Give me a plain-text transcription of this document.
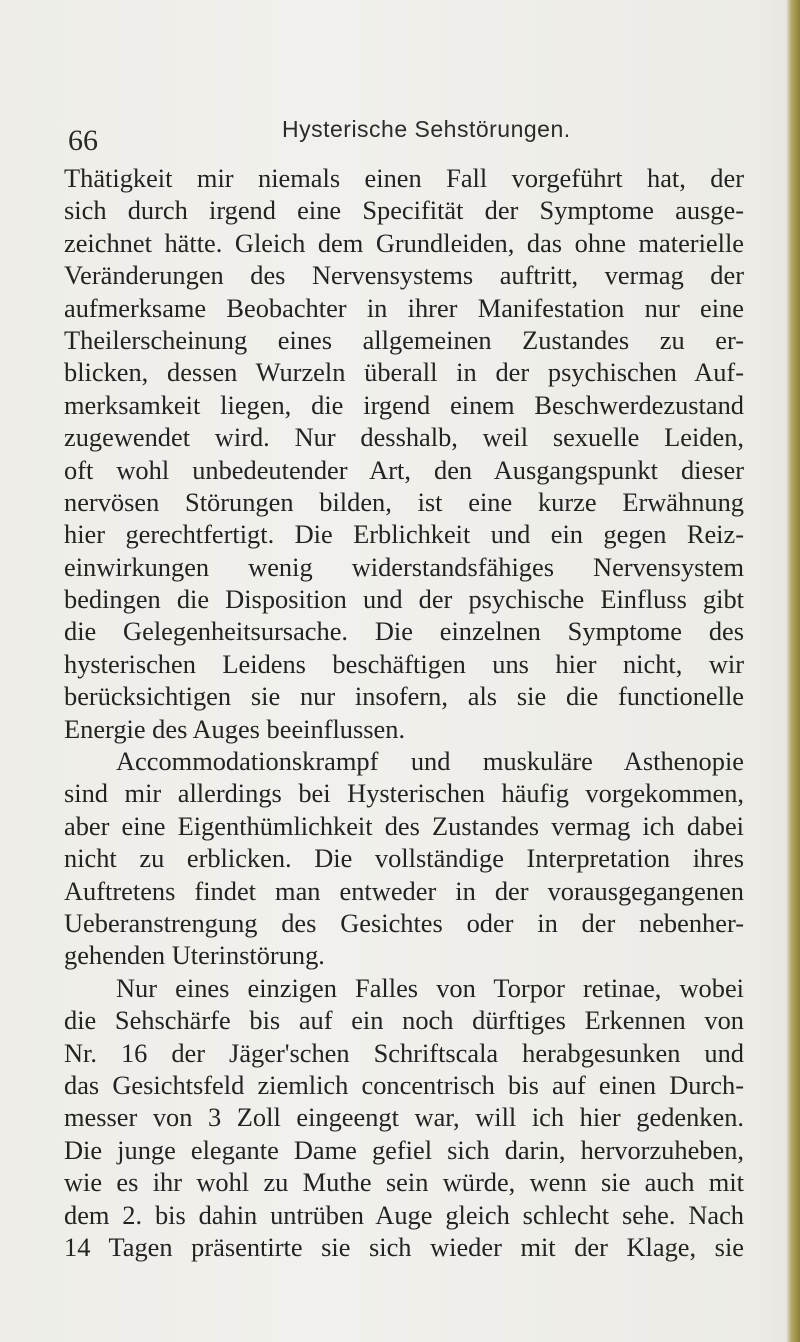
66	Hysterische Sehstörungen.
Thätigkeit mir niemals einen Fall vorgeführt hat, der
sich durch irgend eine Specifität der Symptome ausge-
zeichnet hätte. Gleich dem Grundleiden, das ohne materielle
Veränderungen des Nervensystems auftritt, vermag der
aufmerksame Beobachter in ihrer Manifestation nur eine
Theilerscheinung eines allgemeinen Zustandes zu er-
blicken, dessen Wurzeln überall in der psychischen Auf-
merksamkeit liegen, die irgend einem Beschwerdezustand
zugewendet wird. Nur desshalb, weil sexuelle Leiden,
oft wohl unbedeutender Art, den Ausgangspunkt dieser
nervösen Störungen bilden, ist eine kurze Erwähnung
hier gerechtfertigt. Die Erblichkeit und ein gegen Reiz-
einwirkungen wenig widerstandsfähiges Nervensystem
bedingen die Disposition und der psychische Einfluss gibt
die Gelegenheitsursache. Die einzelnen Symptome des
hysterischen Leidens beschäftigen uns hier nicht, wir
berücksichtigen sie nur insofern, als sie die functionelle
Energie des Auges beeinflussen.
Accommodationskrampf und muskuläre Asthenopie
sind mir allerdings bei Hysterischen häufig vorgekommen,
aber eine Eigenthümlichkeit des Zustandes vermag ich dabei
nicht zu erblicken. Die vollständige Interpretation ihres
Auftretens findet man entweder in der vorausgegangenen
Ueberanstrengung des Gesichtes oder in der nebenher-
gehenden Uterinstörung.
Nur eines einzigen Falles von Torpor retinae, wobei
die Sehschärfe bis auf ein noch dürftiges Erkennen von
Nr. 16 der Jäger'schen Schriftscala herabgesunken und
das Gesichtsfeld ziemlich concentrisch bis auf einen Durch-
messer von 3 Zoll eingeengt war, will ich hier gedenken.
Die junge elegante Dame gefiel sich darin, hervorzuheben,
wie es ihr wohl zu Muthe sein würde, wenn sie auch mit
dem 2. bis dahin untrüben Auge gleich schlecht sehe. Nach
14 Tagen präsentirte sie sich wieder mit der Klage, sie
